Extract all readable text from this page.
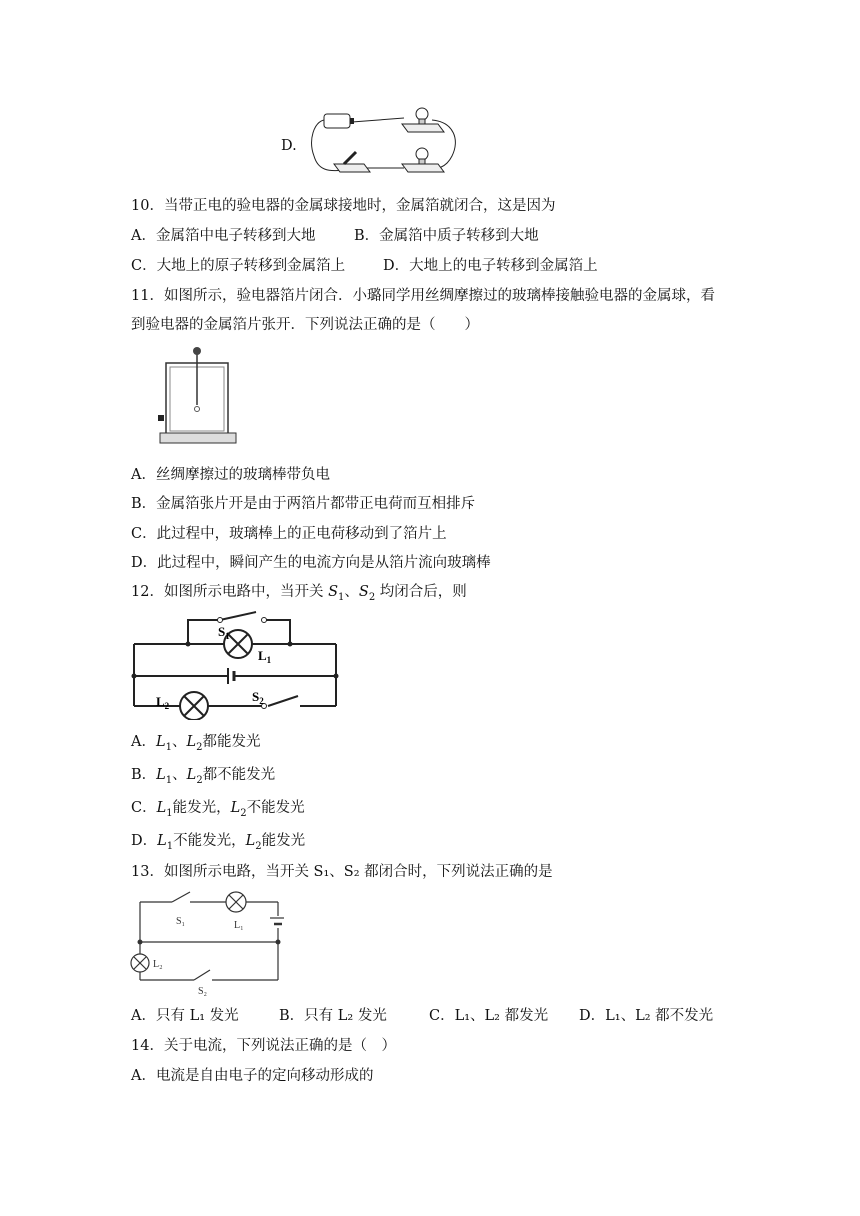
D.
10．当带正电的验电器的金属球接地时，金属箔就闭合，这是因为
A．金属箔中电子转移到大地	B．金属箔中质子转移到大地
C．大地上的原子转移到金属箔上	D．大地上的电子转移到金属箔上
11．如图所示，验电器箔片闭合．小璐同学用丝绸摩擦过的玻璃棒接触验电器的金属球，看
到验电器的金属箔片张开．下列说法正确的是（　　）
A．丝绸摩擦过的玻璃棒带负电
B．金属箔张片开是由于两箔片都带正电荷而互相排斥
C．此过程中，玻璃棒上的正电荷移动到了箔片上
D．此过程中，瞬间产生的电流方向是从箔片流向玻璃棒
12．如图所示电路中，当开关 $S_1$、$S_2$ 均闭合后，则
$S_1$
$L_1$
$L_2$
$S_2$
A．$L_1$、$L_2$都能发光
B．$L_1$、$L_2$都不能发光
C．$L_1$能发光，$L_2$不能发光
D．$L_1$不能发光，$L_2$能发光
13．如图所示电路，当开关 S₁、S₂ 都闭合时，下列说法正确的是
S₁	L₁
L₂
S₂
A．只有 L₁ 发光	B．只有 L₂ 发光	C．L₁、L₂ 都发光 D．L₁、L₂ 都不发光
14．关于电流，下列说法正确的是（　）
A．电流是自由电子的定向移动形成的
